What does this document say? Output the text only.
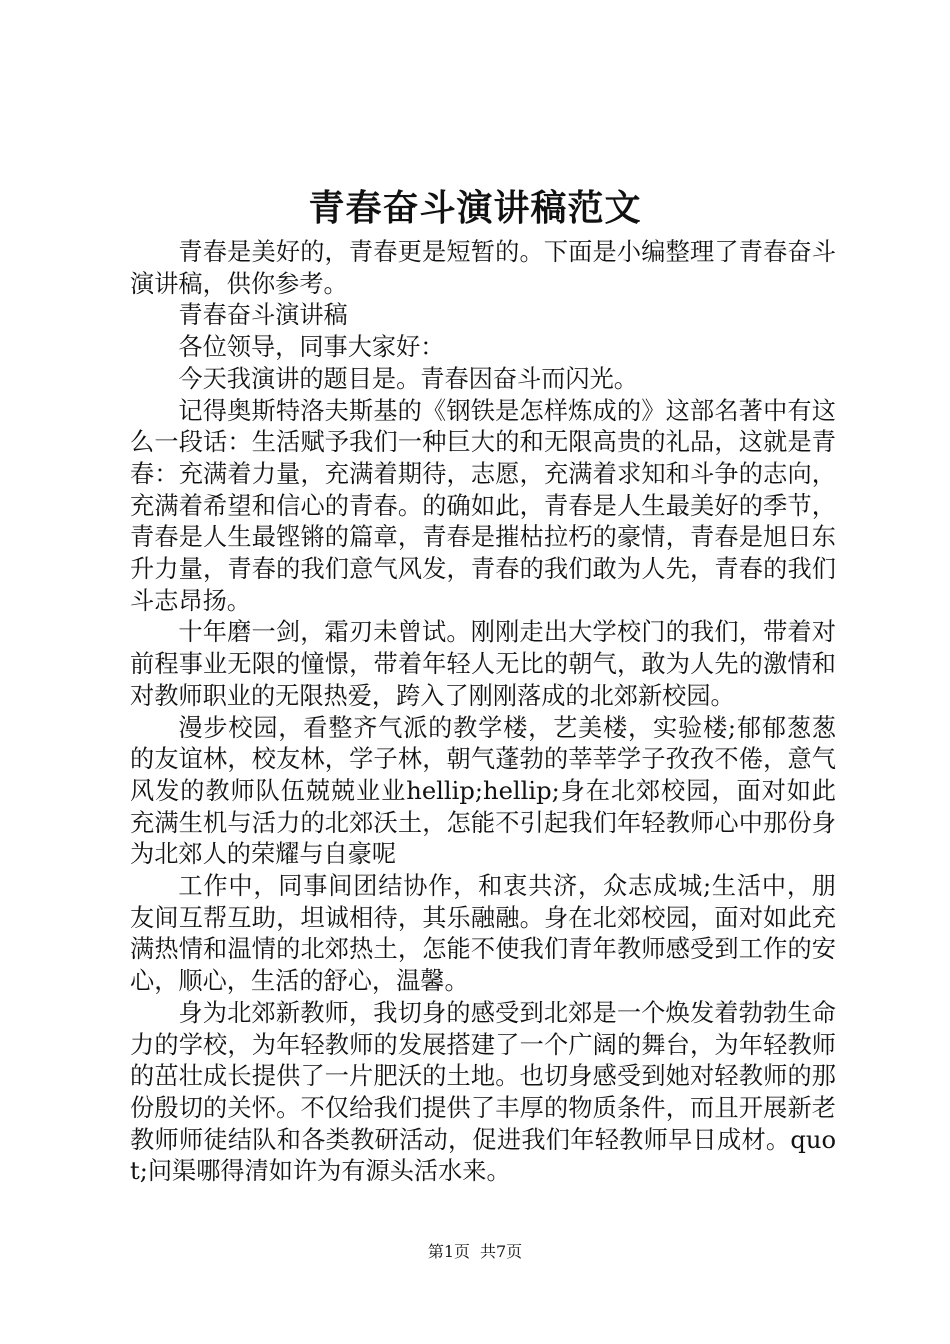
青春奋斗演讲稿范文

青春是美好的，青春更是短暂的。下面是小编整理了青春奋斗演讲稿，供你参考。

青春奋斗演讲稿

各位领导，同事大家好：

今天我演讲的题目是。青春因奋斗而闪光。

记得奥斯特洛夫斯基的《钢铁是怎样炼成的》这部名著中有这么一段话：生活赋予我们一种巨大的和无限高贵的礼品，这就是青春：充满着力量，充满着期待，志愿，充满着求知和斗争的志向，充满着希望和信心的青春。的确如此，青春是人生最美好的季节，青春是人生最铿锵的篇章，青春是摧枯拉朽的豪情，青春是旭日东升力量，青春的我们意气风发，青春的我们敢为人先，青春的我们斗志昂扬。

十年磨一剑，霜刃未曾试。刚刚走出大学校门的我们，带着对前程事业无限的憧憬，带着年轻人无比的朝气，敢为人先的激情和对教师职业的无限热爱，跨入了刚刚落成的北郊新校园。

漫步校园，看整齐气派的教学楼，艺美楼，实验楼;郁郁葱葱的友谊林，校友林，学子林，朝气蓬勃的莘莘学子孜孜不倦，意气风发的教师队伍兢兢业业hellip;hellip;身在北郊校园，面对如此充满生机与活力的北郊沃土，怎能不引起我们年轻教师心中那份身为北郊人的荣耀与自豪呢

工作中，同事间团结协作，和衷共济，众志成城;生活中，朋友间互帮互助，坦诚相待，其乐融融。身在北郊校园，面对如此充满热情和温情的北郊热土，怎能不使我们青年教师感受到工作的安心，顺心，生活的舒心，温馨。

身为北郊新教师，我切身的感受到北郊是一个焕发着勃勃生命力的学校，为年轻教师的发展搭建了一个广阔的舞台，为年轻教师的茁壮成长提供了一片肥沃的土地。也切身感受到她对轻教师的那份殷切的关怀。不仅给我们提供了丰厚的物质条件，而且开展新老教师师徒结队和各类教研活动，促进我们年轻教师早日成材。quot;问渠哪得清如许为有源头活水来。

第1页 共7页
